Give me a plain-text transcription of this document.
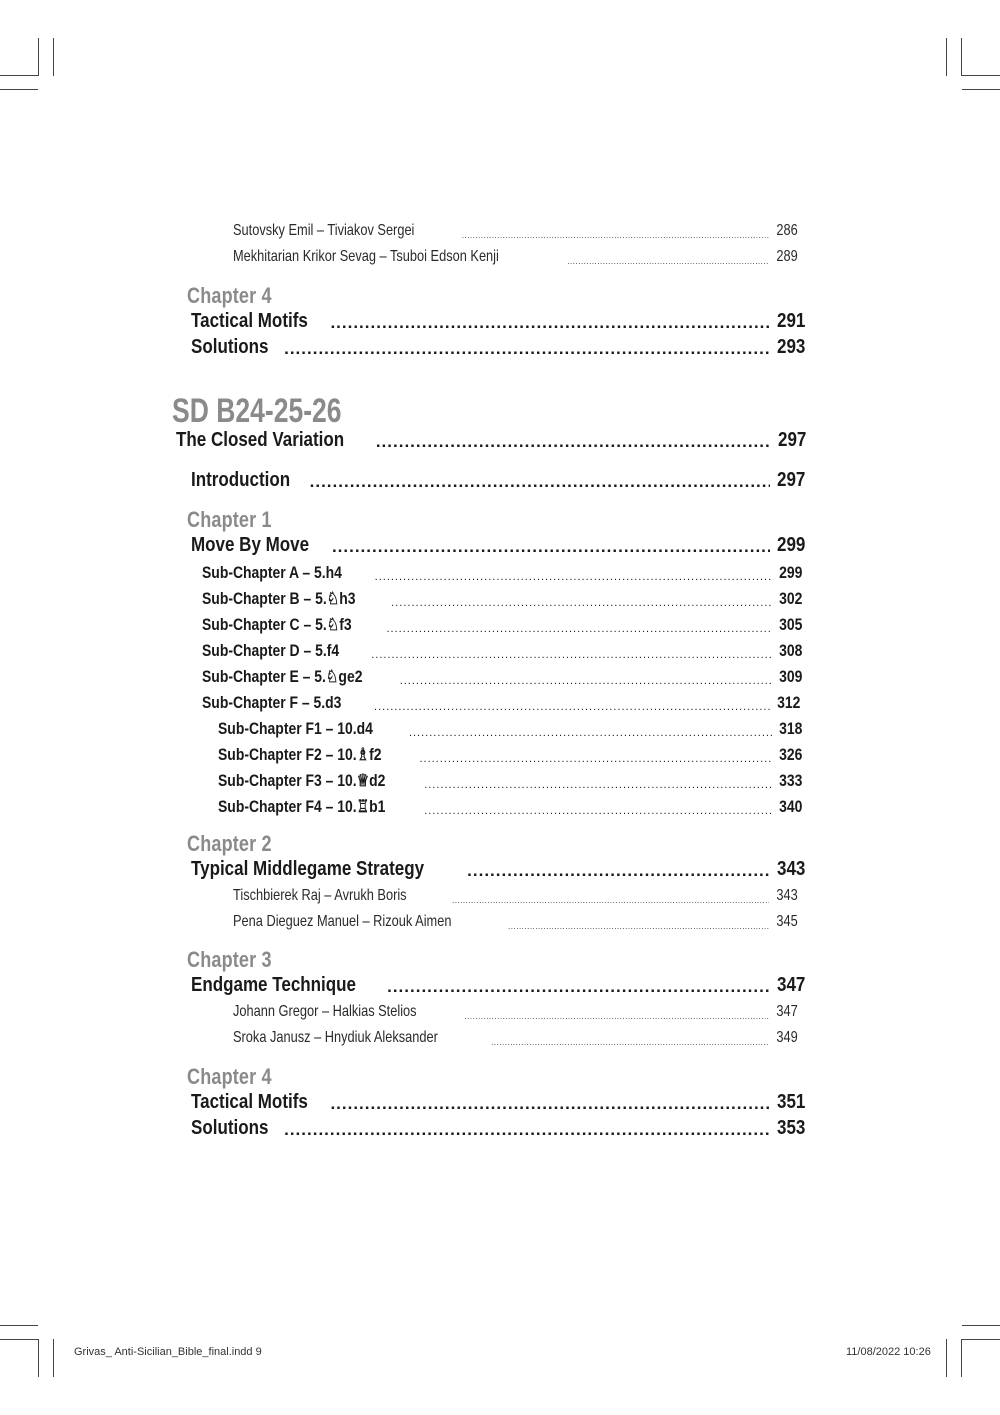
Sutovsky Emil – Tiviakov Sergei .....	286
Mekhitarian Krikor Sevag – Tsuboi Edson Kenji .....	289
Chapter 4
Tactical Motifs .....	291
Solutions .....	293
SD B24-25-26
The Closed Variation .....	297
Introduction .....	297
Chapter 1
Move By Move .....	299
Sub-Chapter A – 5.h4 .....	299
Sub-Chapter B – 5.♘h3 .....	302
Sub-Chapter C – 5.♘f3 .....	305
Sub-Chapter D – 5.f4 .....	308
Sub-Chapter E – 5.♘ge2 .....	309
Sub-Chapter F – 5.d3 .....	312
Sub-Chapter F1 – 10.d4 .....	318
Sub-Chapter F2 – 10.♗f2 .....	326
Sub-Chapter F3 – 10.♕d2 .....	333
Sub-Chapter F4 – 10.♖b1 .....	340
Chapter 2
Typical Middlegame Strategy .....	343
Tischbierek Raj – Avrukh Boris .....	343
Pena Dieguez Manuel – Rizouk Aimen .....	345
Chapter 3
Endgame Technique .....	347
Johann Gregor – Halkias Stelios .....	347
Sroka Janusz – Hnydiuk Aleksander .....	349
Chapter 4
Tactical Motifs .....	351
Solutions .....	353
Grivas_ Anti-Sicilian_Bible_final.indd 9	11/08/2022 10:26
